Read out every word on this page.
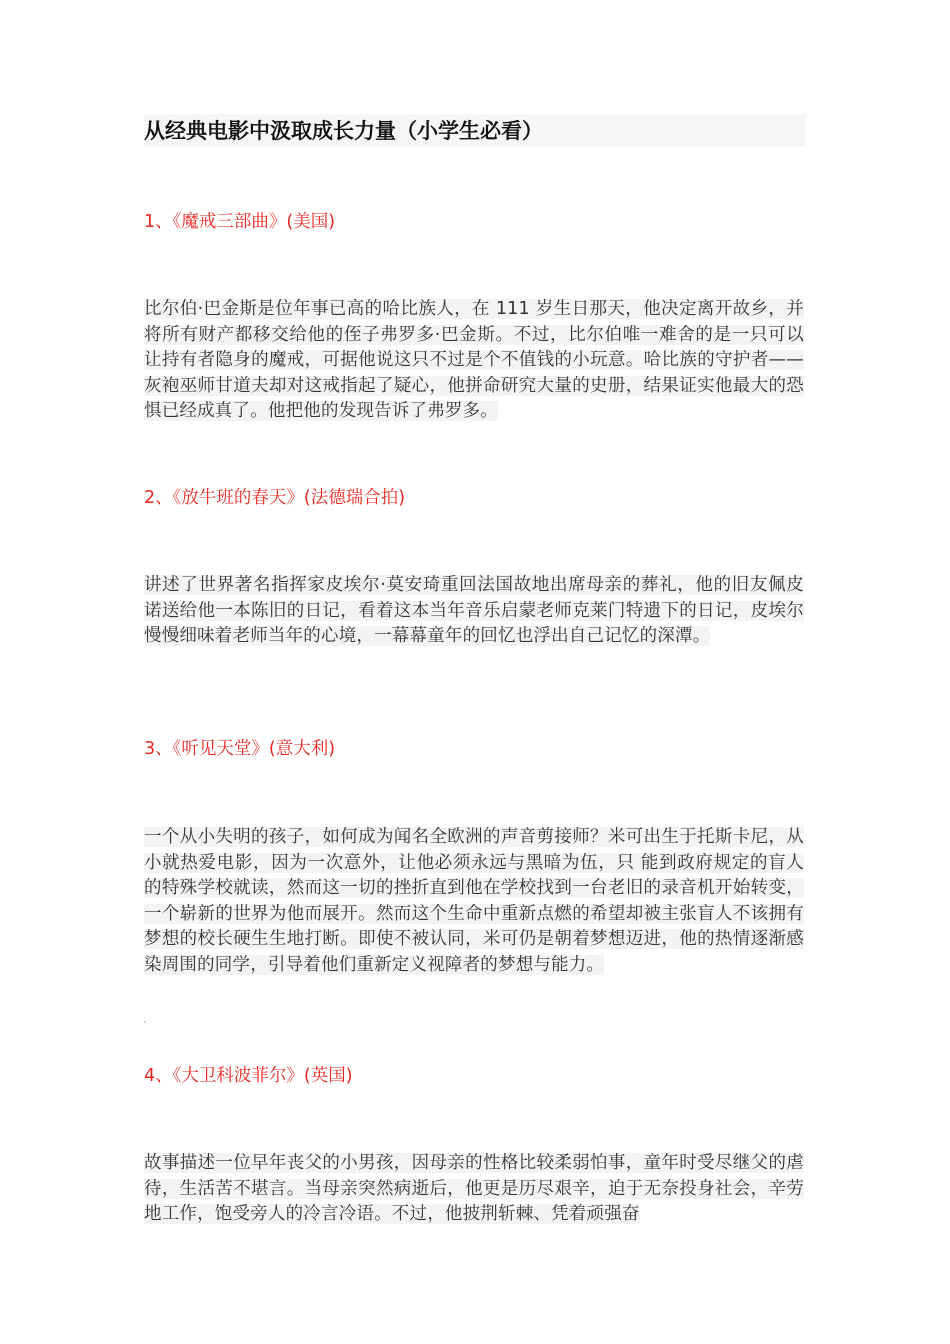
从经典电影中汲取成长力量（小学生必看）
1、《魔戒三部曲》(美国)

比尔伯·巴金斯是位年事已高的哈比族人，在 111 岁生日那天，他决定离开故乡，并将所有财产都移交给他的侄子弗罗多·巴金斯。不过，比尔伯唯一难舍的是一只可以让持有者隐身的魔戒，可据他说这只不过是个不值钱的小玩意。哈比族的守护者——灰袍巫师甘道夫却对这戒指起了疑心，他拼命研究大量的史册，结果证实他最大的恐惧已经成真了。他把他的发现告诉了弗罗多。

2、《放牛班的春天》(法德瑞合拍)

讲述了世界著名指挥家皮埃尔·莫安琦重回法国故地出席母亲的葬礼，他的旧友佩皮诺送给他一本陈旧的日记，看着这本当年音乐启蒙老师克莱门特遗下的日记，皮埃尔慢慢细味着老师当年的心境，一幕幕童年的回忆也浮出自己记忆的深潭。

3、《听见天堂》(意大利)

一个从小失明的孩子，如何成为闻名全欧洲的声音剪接师？米可出生于托斯卡尼，从小就热爱电影，因为一次意外，让他必须永远与黑暗为伍，只 能到政府规定的盲人的特殊学校就读，然而这一切的挫折直到他在学校找到一台老旧的录音机开始转变，一个崭新的世界为他而展开。然而这个生命中重新点燃的希望却被主张盲人不该拥有梦想的校长硬生生地打断。即使不被认同，米可仍是朝着梦想迈进，他的热情逐渐感染周围的同学，引导着他们重新定义视障者的梦想与能力。

4、《大卫科波菲尔》(英国)

故事描述一位早年丧父的小男孩，因母亲的性格比较柔弱怕事，童年时受尽继父的虐待，生活苦不堪言。当母亲突然病逝后，他更是历尽艰辛，迫于无奈投身社会，辛劳地工作，饱受旁人的冷言冷语。不过，他披荆斩棘、凭着顽强奋
